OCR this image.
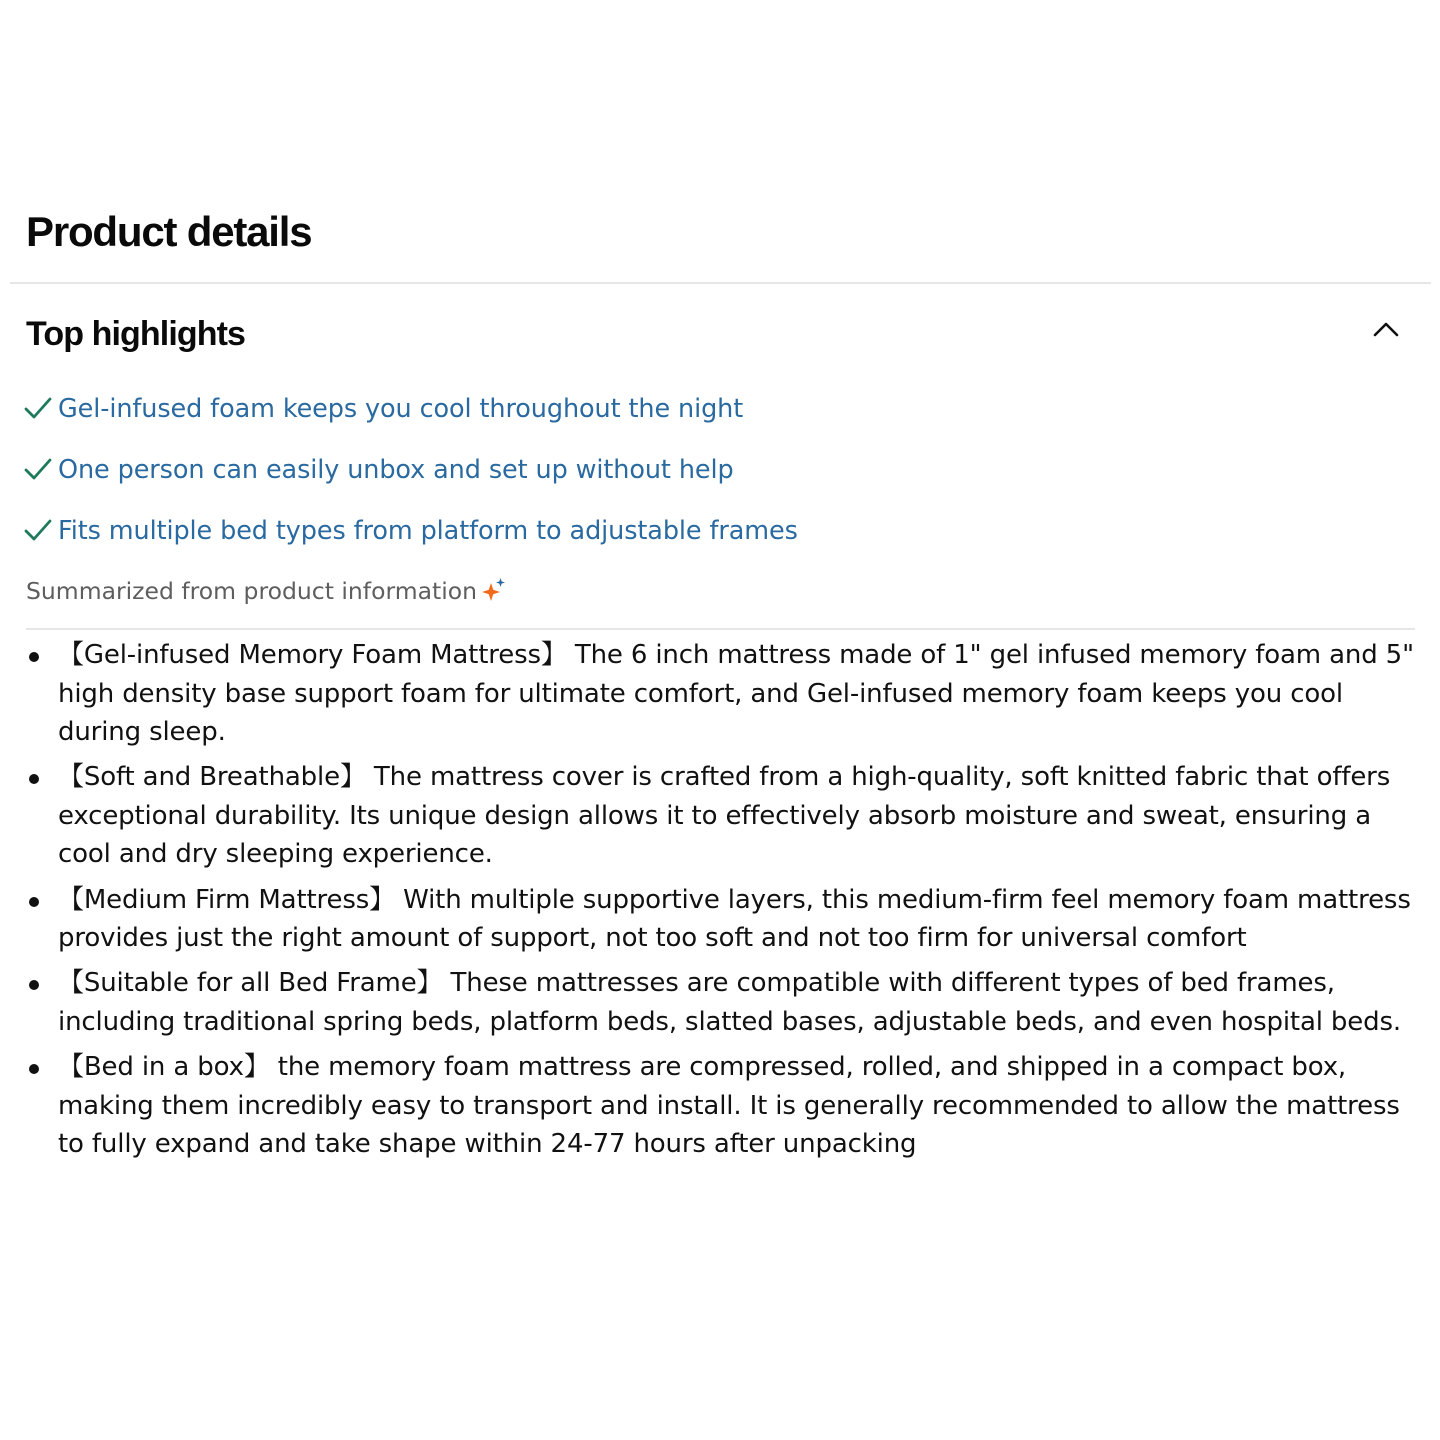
Product details
Top highlights
Gel-infused foam keeps you cool throughout the night
One person can easily unbox and set up without help
Fits multiple bed types from platform to adjustable frames
Summarized from product information
【Gel-infused Memory Foam Mattress】 The 6 inch mattress made of 1" gel infused memory foam and 5" high density base support foam for ultimate comfort, and Gel-infused memory foam keeps you cool during sleep.
【Soft and Breathable】 The mattress cover is crafted from a high-quality, soft knitted fabric that offers exceptional durability. Its unique design allows it to effectively absorb moisture and sweat, ensuring a cool and dry sleeping experience.
【Medium Firm Mattress】 With multiple supportive layers, this medium-firm feel memory foam mattress provides just the right amount of support, not too soft and not too firm for universal comfort
【Suitable for all Bed Frame】 These mattresses are compatible with different types of bed frames, including traditional spring beds, platform beds, slatted bases, adjustable beds, and even hospital beds.
【Bed in a box】 the memory foam mattress are compressed, rolled, and shipped in a compact box, making them incredibly easy to transport and install. It is generally recommended to allow the mattress to fully expand and take shape within 24-77 hours after unpacking
